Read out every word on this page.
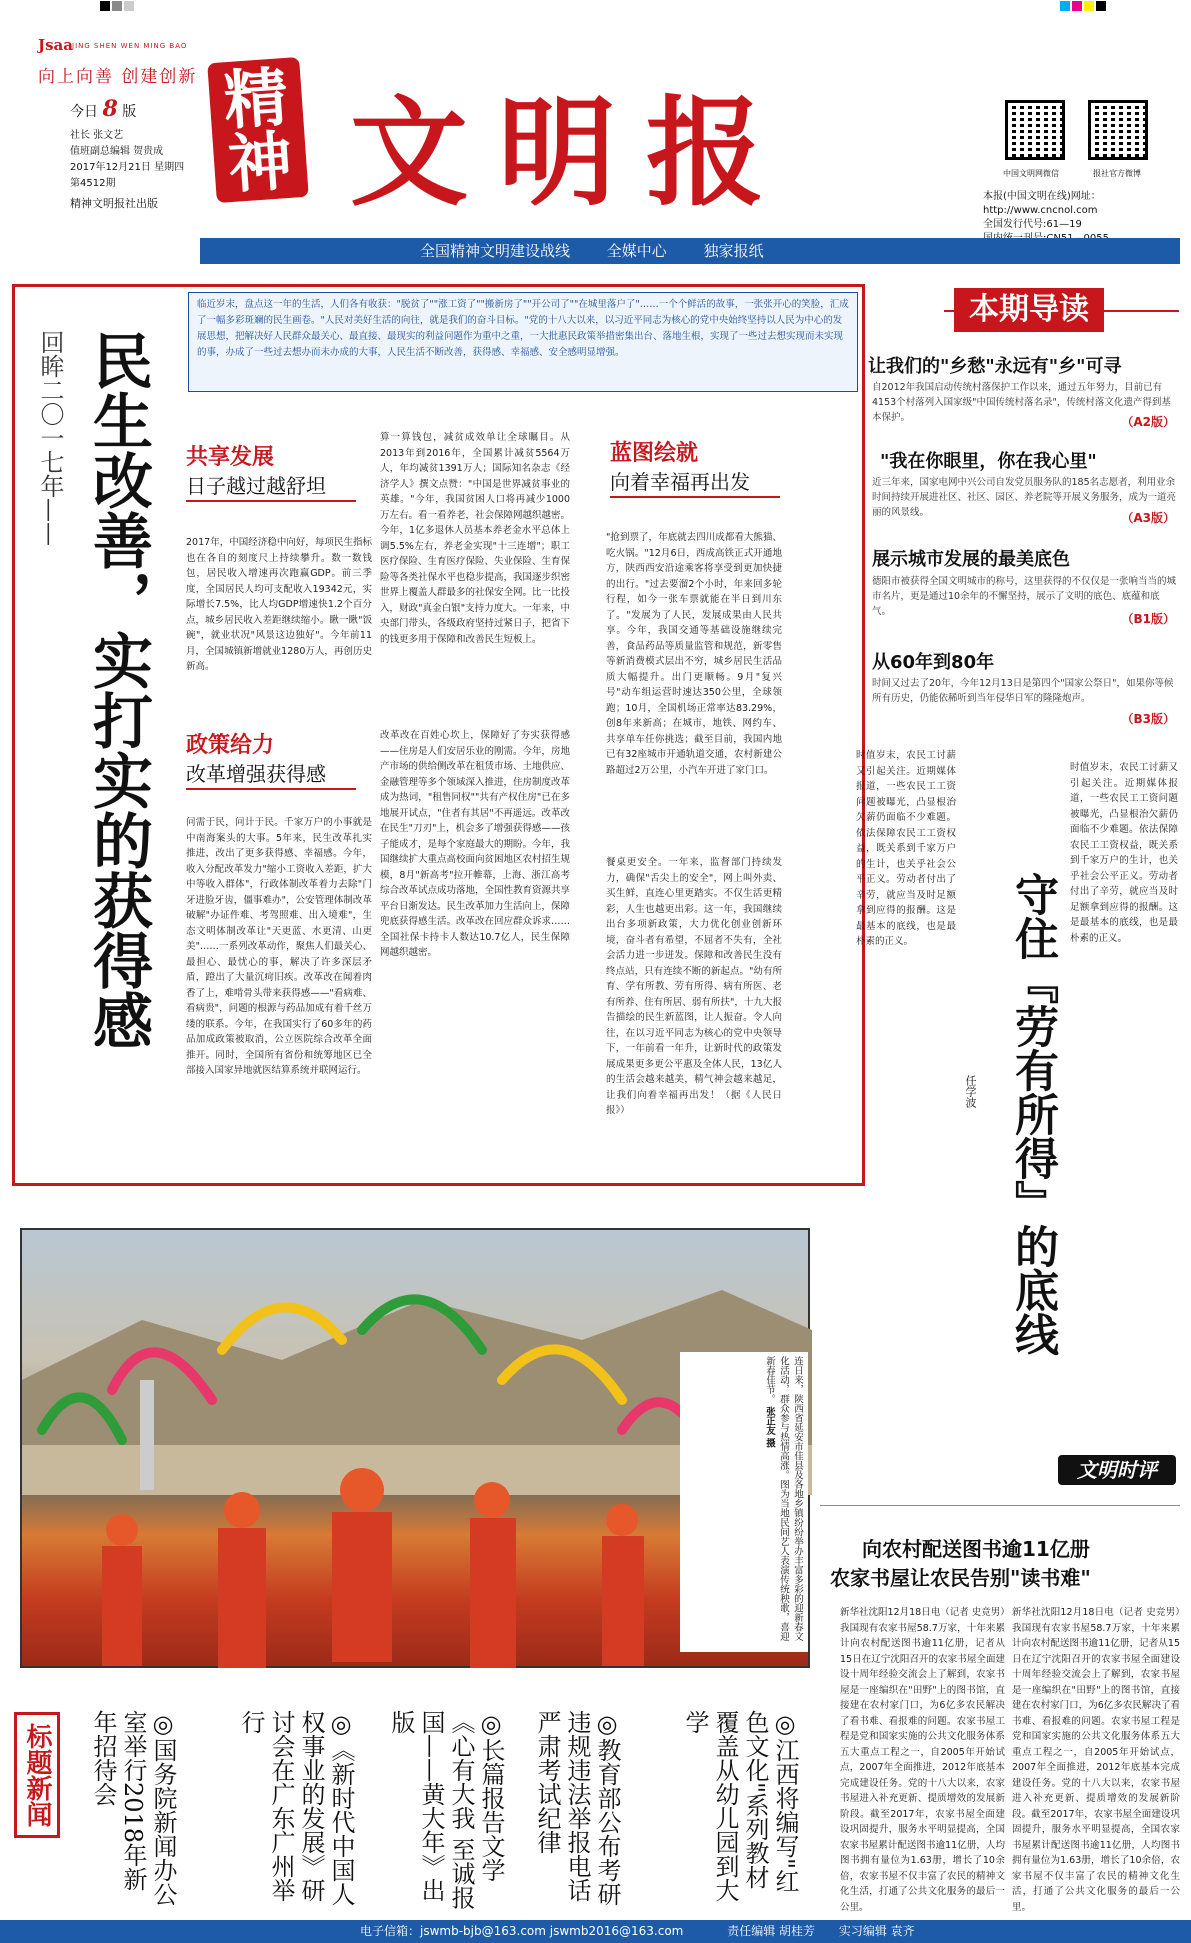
Jsaa JING SHEN WEN MING BAO
向上向善 创建创新
今日 8 版
社长 张文艺
值班副总编辑 贺贵成
2017年12月21日 星期四
第4512期
精神文明报社出版
精神 文明报	中国文明网微信	报社官方微博
本报(中国文明在线)网址：
http://www.cncnol.com
全国发行代号:61—19
全国精神文明建设战线 全媒中心 独家报纸
临近岁末，盘点这一年的生活，人们各有收获："脱贫了""涨工资了""搬新房了""开公司了""在城里落户了"……一个个鲜活的故事，一张张开心的笑脸，汇成了一幅多彩斑斓的民生画卷。"人民对美好生活的向往，就是我们的奋斗目标。"党的十八大以来，以习近平同志为核心的党中央始终坚持以人民为中心的发展思想，把解决好人民群众最关心、最直接、最现实的利益问题作为重中之重，一大批惠民政策举措密集出台、落地生根，实现了一些过去想实现而未实现的事，办成了一些过去想办而未办成的大事，人民生活不断改善，获得感、幸福感、安全感明显增强。
回眸二〇一七年—— 民生改善，实打实的获得感 共享发展
日子越过越舒坦
2017年，中国经济稳中向好，每项民生指标也在各自的刻度尺上持续攀升。数一数钱包，居民收入增速再次跑赢GDP。前三季度，全国居民人均可支配收入19342元，实际增长7.5%，比人均GDP增速快1.2个百分点，城乡居民收入差距继续缩小。瞅一瞅"饭碗"，就业状况"风景这边独好"。今年前11月，全国城镇新增就业1280万人，再创历史新高。
政策给力
改革增强获得感
问需于民，问计于民。千家万户的小事就是中南海案头的大事。5年来，民生改革扎实推进，改出了更多获得感、幸福感。今年，收入分配改革发力"缩小工资收入差距，扩大中等收入群体"，行政体制改革着力去除"门牙进脸牙齿，僵事难办"，公安管理体制改革破解"办证件难、考驾照难、出入境难"，生态文明体制改革让"天更蓝、水更清、山更美"……一系列改革动作，聚焦人们最关心、最担心、最忧心的事，解决了许多深层矛盾，蹬出了大量沉疴旧疾。改革改在闻着肉香了上，难啃骨头带来获得感——"看病难、看病贵"，问题的根源与药品加成有着千丝万缕的联系。今年，在我国实行了60多年的药品加成政策被取消，公立医院综合改革全面推开。同时，全国所有省份和统筹地区已全部接入国家异地就医结算系统并联网运行。
算一算钱包，减贫成效单让全球瞩目。从2013年到2016年，全国累计减贫5564万人，年均减贫1391万人；国际知名杂志《经济学人》撰文点赞："中国是世界减贫事业的英雄。"今年，我国贫困人口将再减少1000万左右。看一看养老，社会保障网越织越密。今年，1亿多退休人员基本养老金水平总体上调5.5%左右，养老金实现"十三连增"；职工医疗保险、生育医疗保险、失业保险、生育保险等各类社保水平也稳步提高，我国逐步织密世界上覆盖人群最多的社保安全网。比一比投入，财政"真金白银"支持力度大。一年来，中央部门带头，各级政府坚持过紧日子，把省下的钱更多用于保障和改善民生短板上。
改革改在百姓心坎上，保障好了夯实获得感——住房是人们安居乐业的刚需。今年，房地产市场的供给侧改革在租赁市场、土地供应、金融管理等多个领域深入推进，住房制度改革成为热词，"租售同权""共有产权住房"已在多地展开试点，"住者有其居"不再遥远。改革改在民生"刀刃"上，机会多了增强获得感——孩子能成才，是每个家庭最大的期盼。今年，我国继续扩大重点高校面向贫困地区农村招生规模，8月"新高考"拉开帷幕，上海、浙江高考综合改革试点成功落地，全国性教育资源共享平台日渐发达。民生改革加力生活向上，保障兜底获得感生活。改革改在回应群众诉求……全国社保卡持卡人数达10.7亿人，民生保障网越织越密。
蓝图绘就
向着幸福再出发
"抢到票了，年底就去四川成都看大熊猫、吃火锅。"12月6日，西成高铁正式开通地方，陕西西安沿途乘客将享受到更加快捷的出行。"过去要溜2个小时，年来回多轮行程，如今一张车票就能在半日到川东了。"发展为了人民，发展成果由人民共享。今年，我国交通等基础设施继续完善，食品药品等质量监管和规范，新零售等新消费模式层出不穷，城乡居民生活品质大幅提升。出门更顺畅。9月"复兴号"动车组运营时速达350公里，全球领跑；10月，全国机场正常率达83.29%，创8年来新高；在城市，地铁、网约车、共享单车任你挑选；截至目前，我国内地已有32座城市开通轨道交通，农村新建公路超过2万公里，小汽车开进了家门口。
餐桌更安全。一年来，监督部门持续发力，确保"舌尖上的安全"，网上叫外卖、买生鲜，直连心里更踏实。不仅生活更精彩，人生也越更出彩。这一年，我国继续出台多项新政策，大力优化创业创新环境，奋斗者有希望，不屈者不失有，全社会活力进一步迸发。保障和改善民生没有终点站，只有连续不断的新起点。"幼有所育、学有所教、劳有所得、病有所医、老有所养、住有所居、弱有所扶"，十九大报告描绘的民生新蓝图，让人振奋。令人向往，在以习近平同志为核心的党中央领导下，一年前看一年升，让新时代的政策发展成果更多更公平惠及全体人民，13亿人的生活会越来越美，精气神会越来越足，让我们向着幸福再出发！（据《人民日报》）
本期导读
让我们的"乡愁"永远有"乡"可寻
自2012年我国启动传统村落保护工作以来，通过五年努力，目前已有4153个村落列入国家级"中国传统村落名录"，传统村落文化遗产得到基本保护。	（A2版）
"我在你眼里，你在我心里"
近三年来，国家电网中兴公司自发党员服务队的185名志愿者，利用业余时间持续开展进社区、社区、园区、养老院等开展义务服务，成为一道亮丽的风景线。	（A3版）
展示城市发展的最美底色
德阳市被获得全国文明城市的称号，这里获得的不仅仅是一张响当当的城市名片，更是通过10余年的不懈坚持，展示了文明的底色、底蕴和底气。
（B1版）
从60年到80年
时间又过去了20年，今年12月13日是第四个"国家公祭日"，如果你等候所有历史，仍能依稀听到当年侵华日军的隆隆炮声。
（B3版）
时值岁末，农民工讨薪又引起关注。近期媒体报道，一些农民工工资问题被曝光，凸显根治欠薪仍面临不少难题。依法保障农民工工资权益，既关系到千家万户的生计，也关乎社会公平正义。劳动者付出了辛劳，就应当及时足额拿到应得的报酬。这是最基本的底线，也是最朴素的正义。
时值岁末，农民工讨薪又引起关注。近期媒体报道，一些农民工工资问题被曝光，凸显根治欠薪仍面临不少难题。依法保障农民工工资权益，既关系到千家万户的生计，也关乎社会公平正义。劳动者付出了辛劳，就应当及时足额拿到应得的报酬。这是最基本的底线，也是最朴素的正义。
守住『劳有所得』的底线
任学波
文明时评
连日来，陕西省延安市佳县及各地乡镇纷纷举办丰富多彩的迎新春文化活动，群众参与热情高涨。图为当地民间艺人表演传统秧歌，喜迎新春佳节。 张正友 摄
向农村配送图书逾11亿册
农家书屋让农民告别"读书难"
新华社沈阳12月18日电（记者 史竞男）我国现有农家书屋58.7万家，十年来累计向农村配送图书逾11亿册，记者从15日在辽宁沈阳召开的农家书屋全面建设十周年经验交流会上了解到，农家书屋是一座编织在"田野"上的图书馆，直接建在农村家门口，为6亿多农民解决了看书难、看报难的问题。农家书屋工程是党和国家实施的公共文化服务体系五大重点工程之一，自2005年开始试点，2007年全面推进，2012年底基本完成建设任务。党的十八大以来，农家书屋进入补充更新、提质增效的发展新阶段。截至2017年，农家书屋全面建设巩固提升，服务水平明显提高，全国农家书屋累计配送图书逾11亿册，人均图书拥有量位为1.63册，增长了10余倍，农家书屋不仅丰富了农民的精神文化生活，打通了公共文化服务的最后一公里。
新华社沈阳12月18日电（记者 史竞男）我国现有农家书屋58.7万家，十年来累计向农村配送图书逾11亿册，记者从15日在辽宁沈阳召开的农家书屋全面建设十周年经验交流会上了解到，农家书屋是一座编织在"田野"上的图书馆，直接建在农村家门口，为6亿多农民解决了看书难、看报难的问题。农家书屋工程是党和国家实施的公共文化服务体系五大重点工程之一，自2005年开始试点，2007年全面推进，2012年底基本完成建设任务。党的十八大以来，农家书屋进入补充更新、提质增效的发展新阶段。截至2017年，农家书屋全面建设巩固提升，服务水平明显提高，全国农家书屋累计配送图书逾11亿册，人均图书拥有量位为1.63册，增长了10余倍，农家书屋不仅丰富了农民的精神文化生活，打通了公共文化服务的最后一公里。
标题新闻	◎国务院新闻办公室举行2018年新年招待会	◎《新时代中国人权事业的发展》研讨会在广东广州举行	◎长篇报告文学《心有大我 至诚报国——黄大年》出版	◎教育部公布考研违规违法举报电话严肃考试纪律	◎江西将编写"红色文化"系列教材覆盖从幼儿园到大学
电子信箱：jswmb-bjb@163.com jswmb2016@163.com	责任编辑 胡桂芳 实习编辑 袁齐
